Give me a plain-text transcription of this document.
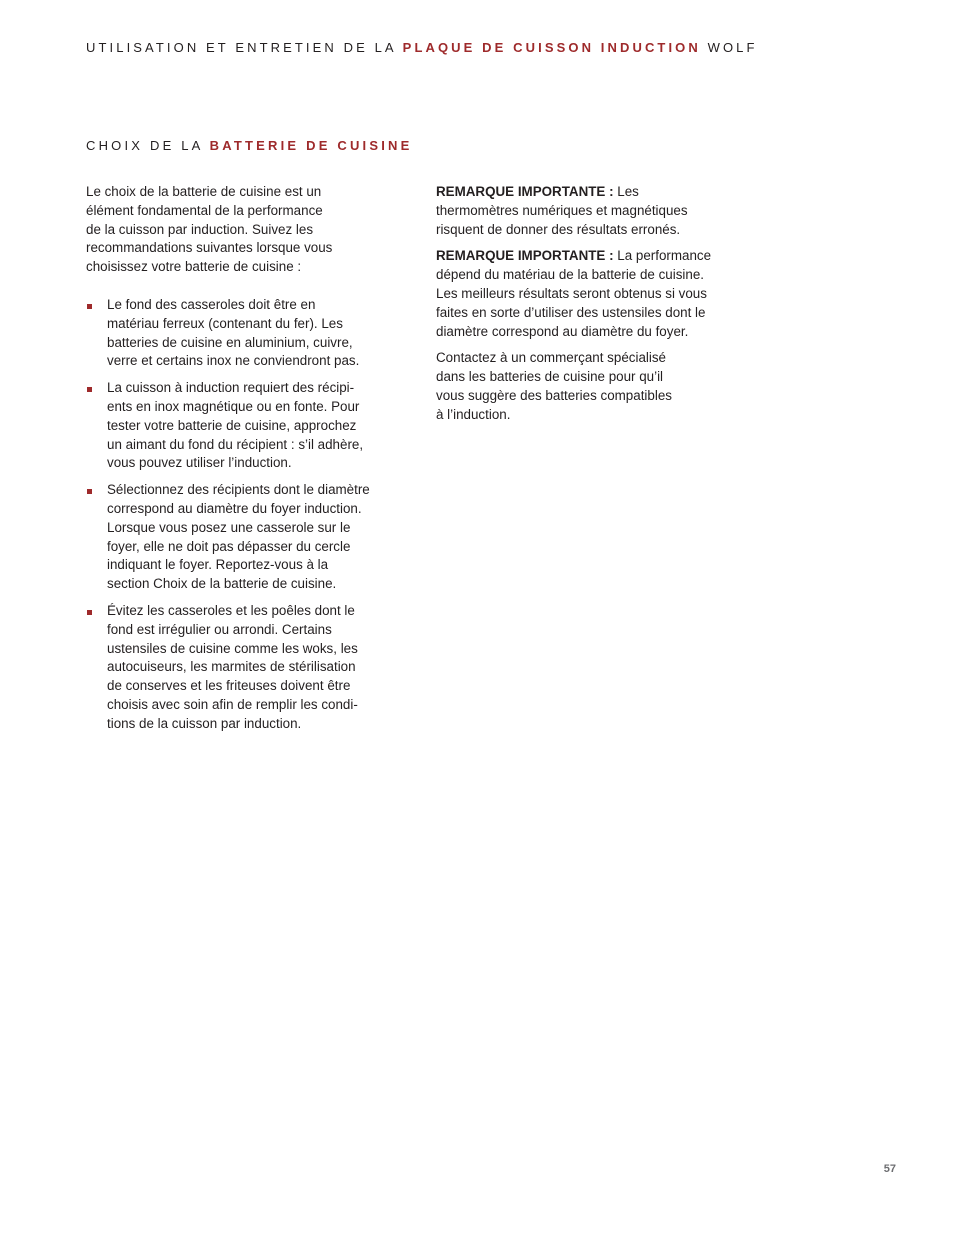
UTILISATION ET ENTRETIEN DE LA PLAQUE DE CUISSON INDUCTION WOLF
CHOIX DE LA BATTERIE DE CUISINE

Le choix de la batterie de cuisine est un
élément fondamental de la performance
de la cuisson par induction. Suivez les
recommandations suivantes lorsque vous
choisissez votre batterie de cuisine :

Le fond des casseroles doit être en
matériau ferreux (contenant du fer). Les
batteries de cuisine en aluminium, cuivre,
verre et certains inox ne conviendront pas.
La cuisson à induction requiert des récipi-
ents en inox magnétique ou en fonte. Pour
tester votre batterie de cuisine, approchez
un aimant du fond du récipient : s’il adhère,
vous pouvez utiliser l’induction.
Sélectionnez des récipients dont le diamètre
correspond au diamètre du foyer induction.
Lorsque vous posez une casserole sur le
foyer, elle ne doit pas dépasser du cercle
indiquant le foyer. Reportez-vous à la
section Choix de la batterie de cuisine.
Évitez les casseroles et les poêles dont le
fond est irrégulier ou arrondi. Certains
ustensiles de cuisine comme les woks, les
autocuiseurs, les marmites de stérilisation
de conserves et les friteuses doivent être
choisis avec soin afin de remplir les condi-
tions de la cuisson par induction.

REMARQUE IMPORTANTE : Les
thermomètres numériques et magnétiques
risquent de donner des résultats erronés.

REMARQUE IMPORTANTE : La performance
dépend du matériau de la batterie de cuisine.
Les meilleurs résultats seront obtenus si vous
faites en sorte d’utiliser des ustensiles dont le
diamètre correspond au diamètre du foyer.

Contactez à un commerçant spécialisé
dans les batteries de cuisine pour qu’il
vous suggère des batteries compatibles
à l’induction.

57
